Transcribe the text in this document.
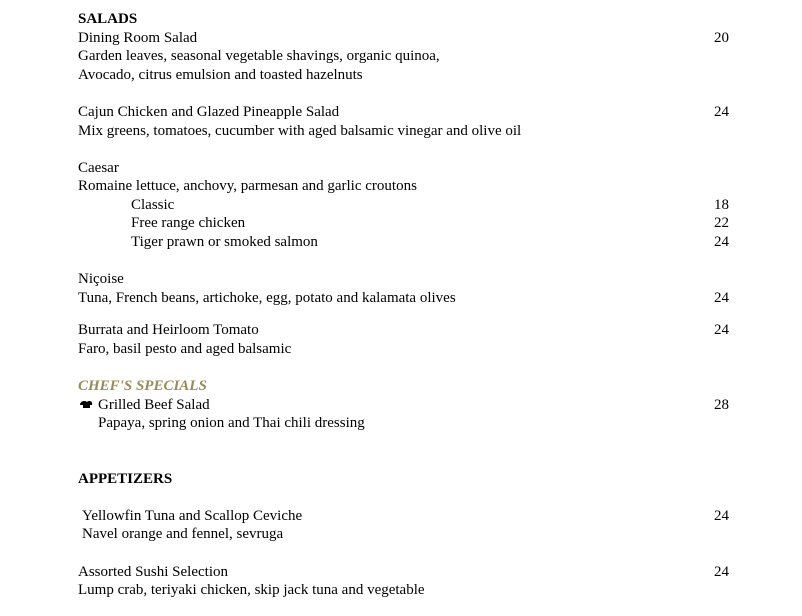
SALADS
Dining Room Salad	20
Garden leaves, seasonal vegetable shavings, organic quinoa,
Avocado, citrus emulsion and toasted hazelnuts
Cajun Chicken and Glazed Pineapple Salad	24
Mix greens, tomatoes, cucumber with aged balsamic vinegar and olive oil
Caesar
Romaine lettuce, anchovy, parmesan and garlic croutons
Classic	18
Free range chicken	22
Tiger prawn or smoked salmon	24
Niçoise
Tuna, French beans, artichoke, egg, potato and kalamata olives	24
Burrata and Heirloom Tomato	24
Faro, basil pesto and aged balsamic
CHEF'S SPECIALS
Grilled Beef Salad	28
Papaya, spring onion and Thai chili dressing
APPETIZERS
Yellowfin Tuna and Scallop Ceviche	24
Navel orange and fennel, sevruga
Assorted Sushi Selection	24
Lump crab, teriyaki chicken, skip jack tuna and vegetable
